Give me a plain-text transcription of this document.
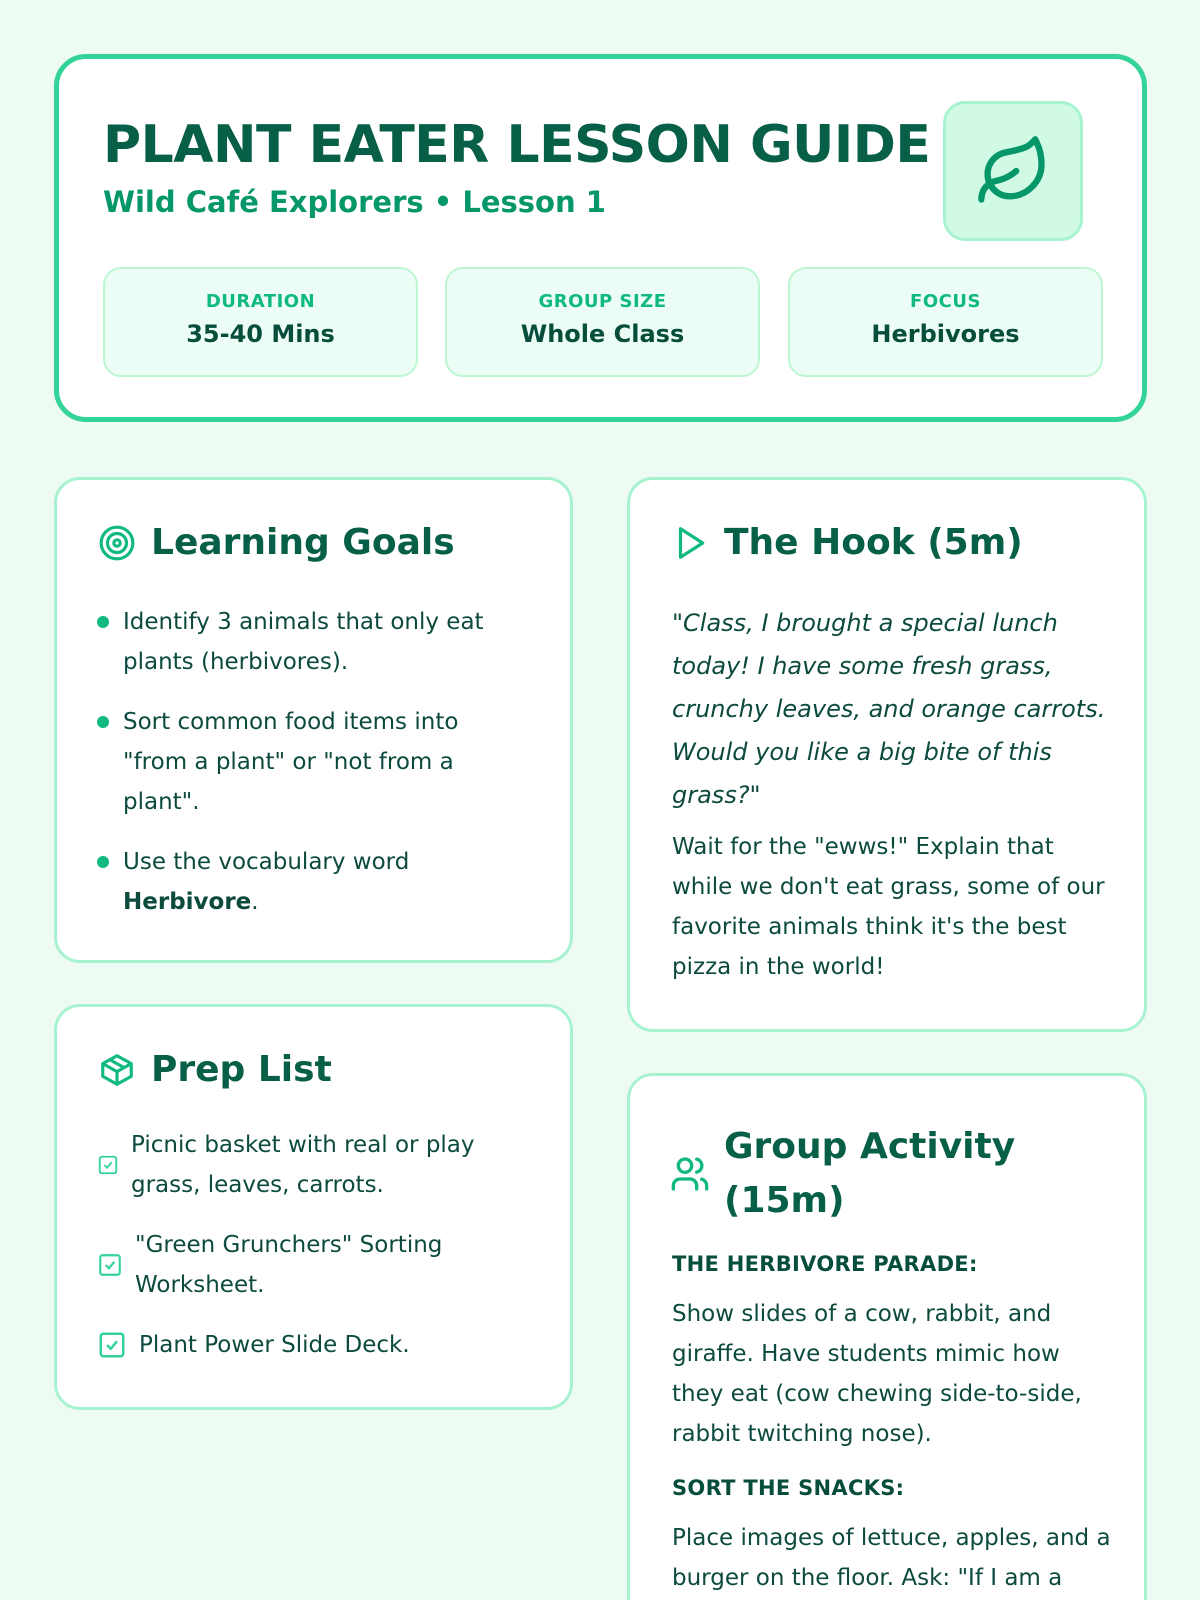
PLANT EATER LESSON GUIDE
Wild Café Explorers • Lesson 1
DURATION
35-40 Mins
GROUP SIZE
Whole Class
FOCUS
Herbivores
Learning Goals
Identify 3 animals that only eat plants (herbivores).
Sort common food items into "from a plant" or "not from a plant".
Use the vocabulary word Herbivore.
Prep List
Picnic basket with real or play grass, leaves, carrots.
"Green Grunchers" Sorting Worksheet.
Plant Power Slide Deck.
The Hook (5m)

"Class, I brought a special lunch today! I have some fresh grass, crunchy leaves, and orange carrots. Would you like a big bite of this grass?"

Wait for the "ewws!" Explain that while we don't eat grass, some of our favorite animals think it's the best pizza in the world!

Group Activity (15m)
THE HERBIVORE PARADE:

Show slides of a cow, rabbit, and giraffe. Have students mimic how they eat (cow chewing side-to-side, rabbit twitching nose).

SORT THE SNACKS:

Place images of lettuce, apples, and a burger on the floor. Ask: "If I am a
